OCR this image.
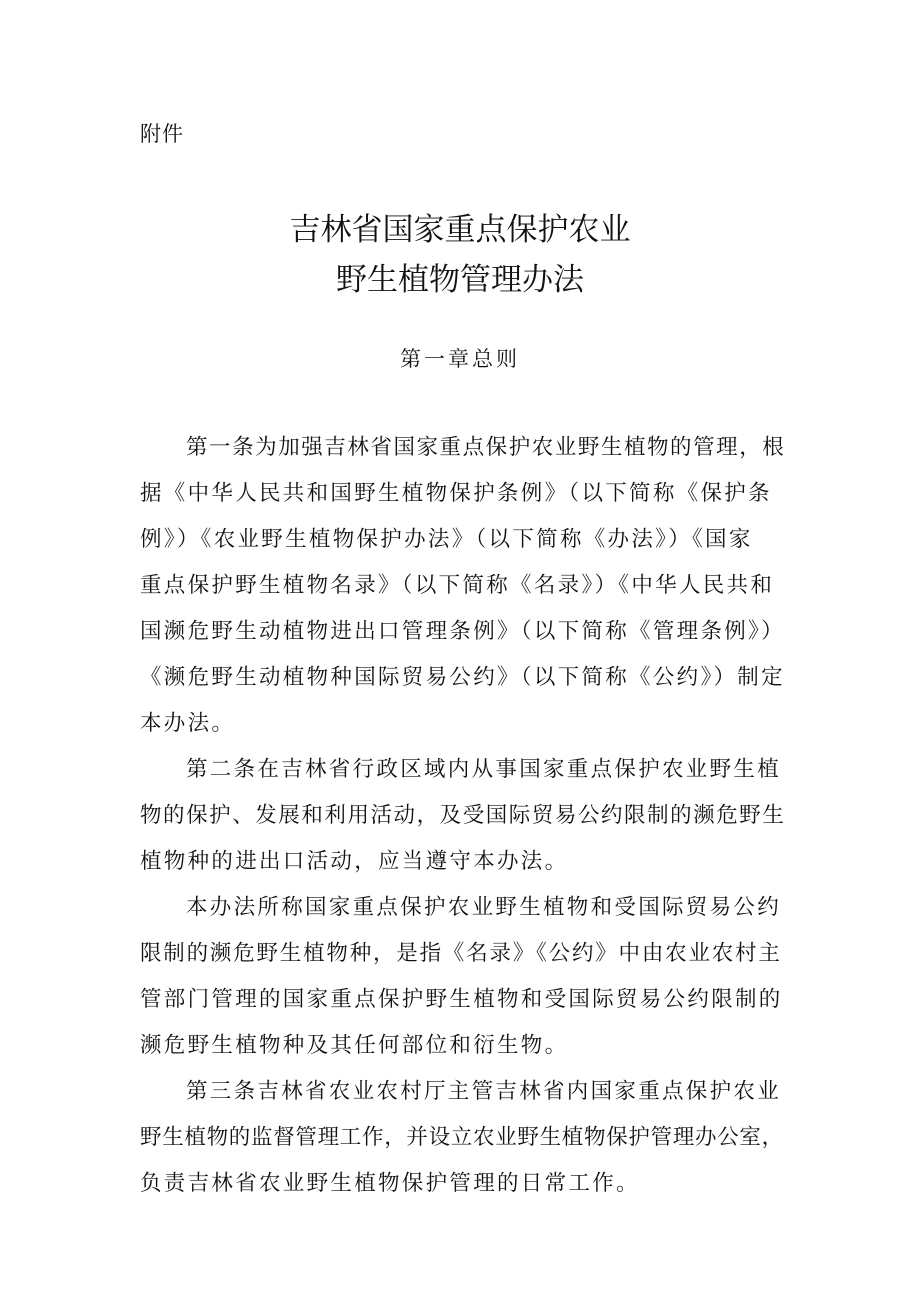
附件
吉林省国家重点保护农业
野生植物管理办法
第一章总则
第一条为加强吉林省国家重点保护农业野生植物的管理，根
据《中华人民共和国野生植物保护条例》（以下简称《保护条
例》）《农业野生植物保护办法》（以下简称《办法》）《国家
重点保护野生植物名录》（以下简称《名录》）《中华人民共和
国濒危野生动植物进出口管理条例》（以下简称《管理条例》）
《濒危野生动植物种国际贸易公约》（以下简称《公约》）制定
本办法。
第二条在吉林省行政区域内从事国家重点保护农业野生植
物的保护、发展和利用活动，及受国际贸易公约限制的濒危野生
植物种的进出口活动，应当遵守本办法。
本办法所称国家重点保护农业野生植物和受国际贸易公约
限制的濒危野生植物种，是指《名录》《公约》中由农业农村主
管部门管理的国家重点保护野生植物和受国际贸易公约限制的
濒危野生植物种及其任何部位和衍生物。
第三条吉林省农业农村厅主管吉林省内国家重点保护农业
野生植物的监督管理工作，并设立农业野生植物保护管理办公室，
负责吉林省农业野生植物保护管理的日常工作。
